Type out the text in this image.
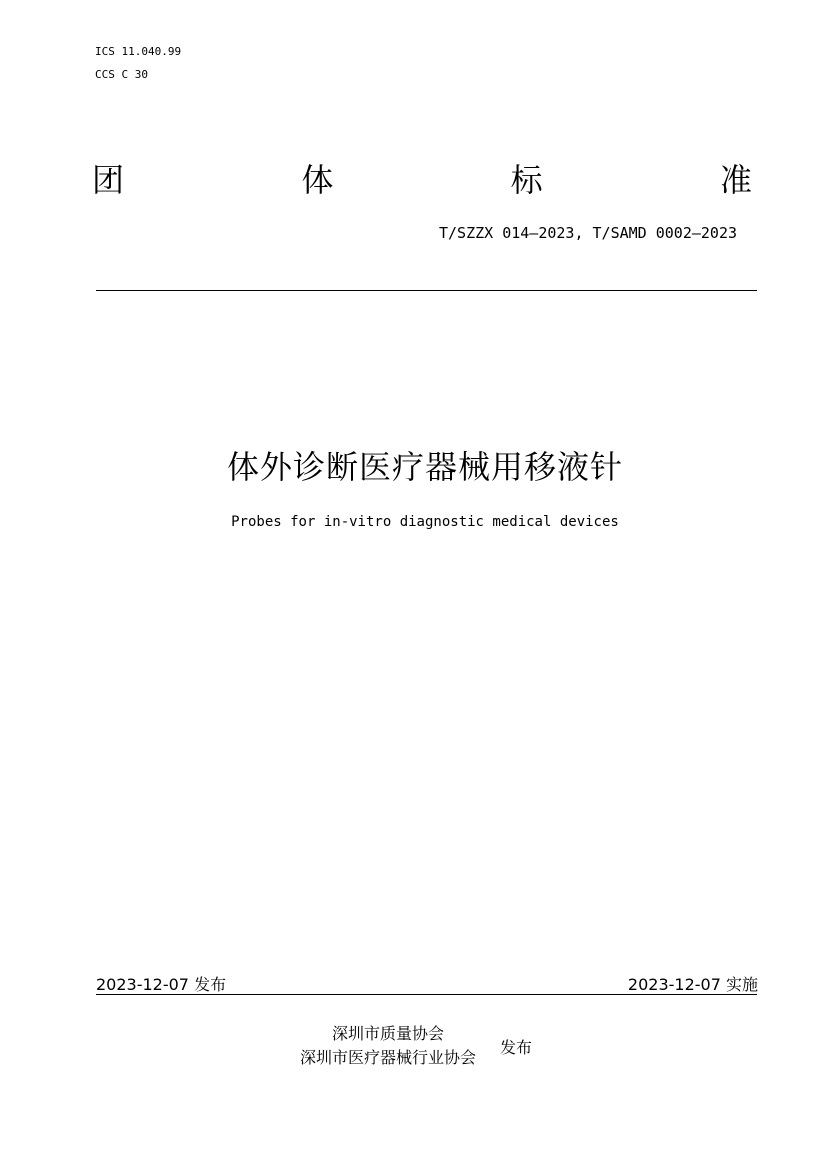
ICS 11.040.99
CCS C 30
团	体	标	准
T/SZZX 014—2023, T/SAMD 0002—2023
体外诊断医疗器械用移液针
Probes for in-vitro diagnostic medical devices
2023-12-07 发布	2023-12-07 实施
深圳市质量协会
深圳市医疗器械行业协会
发布
